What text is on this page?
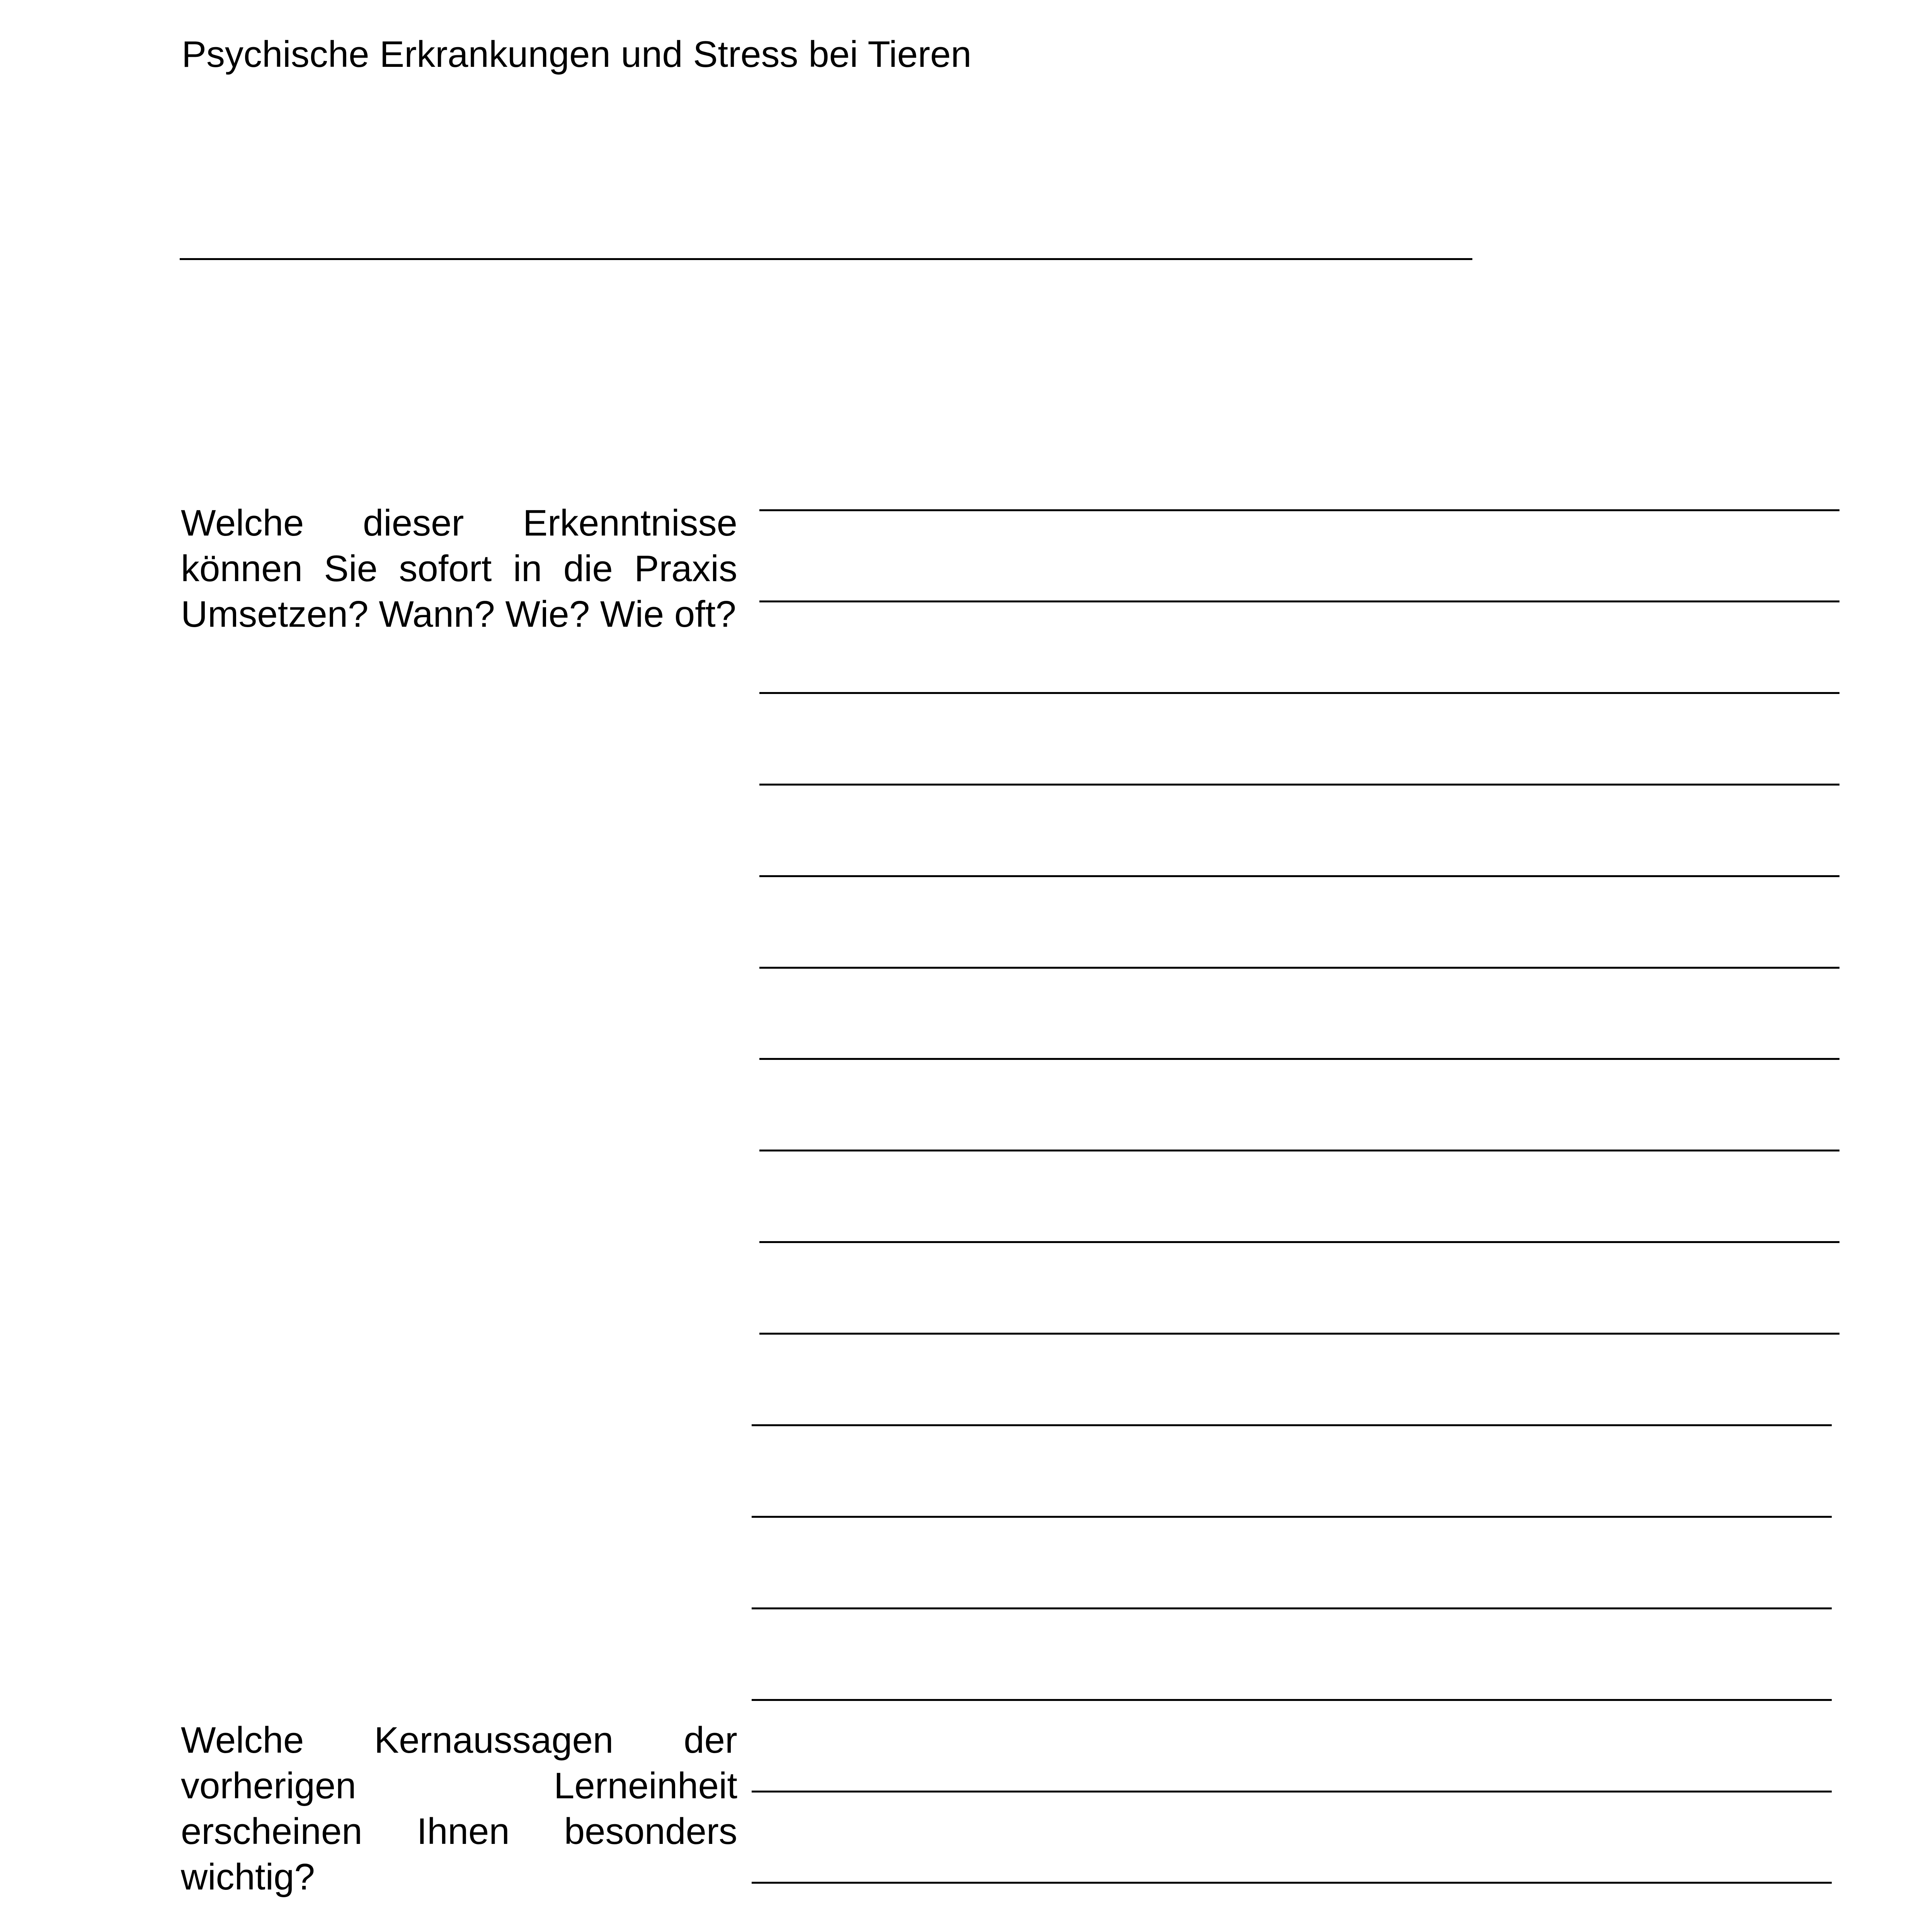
Psychische Erkrankungen und Stress bei Tieren
Welche dieser Erkenntnisse können Sie sofort in die Praxis Umsetzen? Wann? Wie? Wie oft?
Welche Kernaussagen der vorherigen Lerneinheit erscheinen Ihnen besonders wichtig?
